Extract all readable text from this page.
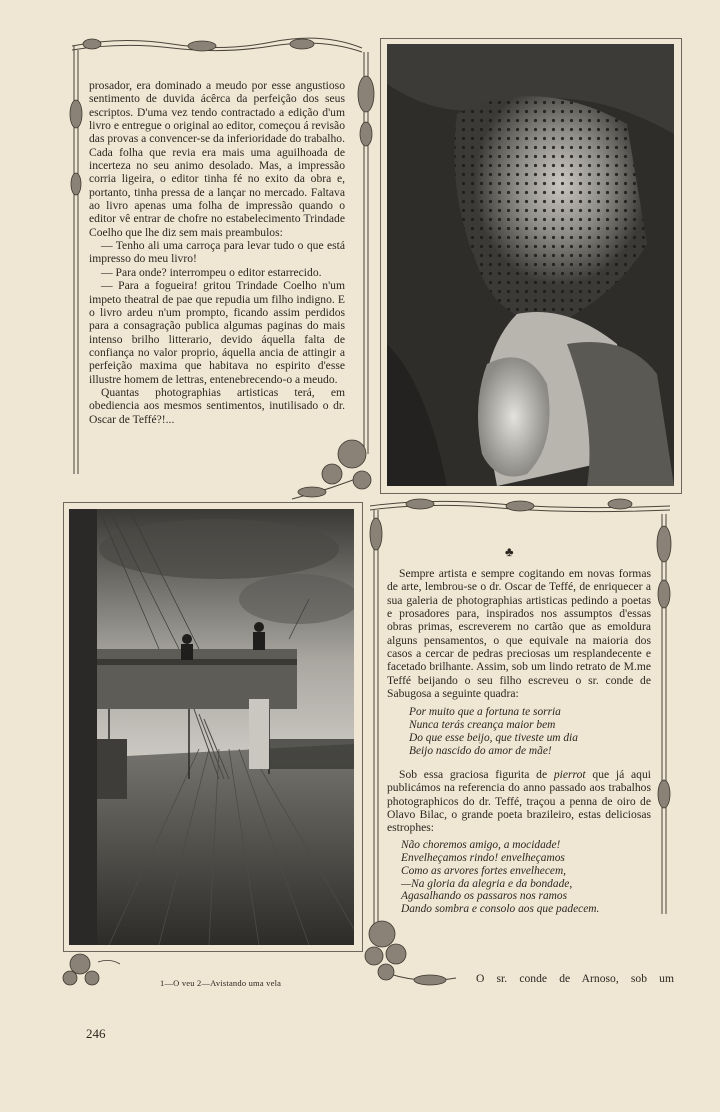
prosador, era dominado a meudo por esse angustioso sentimento de duvida ácêrca da perfeição dos seus escriptos. D'uma vez tendo contractado a edição d'um livro e entregue o original ao editor, começou á revisão das provas a convencer-se da inferioridade do trabalho. Cada folha que revia era mais uma aguilhoada de incerteza no seu animo desolado. Mas, a impressão corria ligeira, o editor tinha fé no exito da obra e, portanto, tinha pressa de a lançar no mercado. Faltava ao livro apenas uma folha de impressão quando o editor vê entrar de chofre no estabelecimento Trindade Coelho que lhe diz sem mais preambulos:

— Tenho ali uma carroça para levar tudo o que está impresso do meu livro!

— Para onde? interrompeu o editor estarrecido.

— Para a fogueira! gritou Trindade Coelho n'um impeto theatral de pae que repudia um filho indigno. E o livro ardeu n'um prompto, ficando assim perdidos para a consagração publica algumas paginas do mais intenso brilho litterario, devido áquella falta de confiança no valor proprio, áquella ancia de attingir a perfeição maxima que habitava no espirito d'esse illustre homem de lettras, entenebrecendo-o a meudo.

Quantas photographias artisticas terá, em obediencia aos mesmos sentimentos, inutilisado o dr. Oscar de Teffé?!...

♣

Sempre artista e sempre cogitando em novas formas de arte, lembrou-se o dr. Oscar de Teffé, de enriquecer a sua galeria de photographias artisticas pedindo a poetas e prosadores para, inspirados nos assumptos d'essas obras primas, escreverem no cartão que as emoldura alguns pensamentos, o que equivale na maioria dos casos a cercar de pedras preciosas um resplandecente e facetado brilhante. Assim, sob um lindo retrato de M.me Teffé beijando o seu filho escreveu o sr. conde de Sabugosa a seguinte quadra:

Por muito que a fortuna te sorria
Nunca terás creança maior bem
Do que esse beijo, que tiveste um dia
Beijo nascido do amor de mãe!

Sob essa graciosa figurita de pierrot que já aqui publicámos na referencia do anno passado aos trabalhos photographicos do dr. Teffé, traçou a penna de oiro de Olavo Bilac, o grande poeta brazileiro, estas deliciosas estrophes:

Não choremos amigo, a mocidade!
Envelheçamos rindo! envelheçamos
Como as arvores fortes envelhecem,
—Na gloria da alegria e da bondade,
Agasalhando os passaros nos ramos
Dando sombra e consolo aos que padecem.
1—O veu 2—Avistando uma vela	O sr. conde de Arnoso, sob um
246
